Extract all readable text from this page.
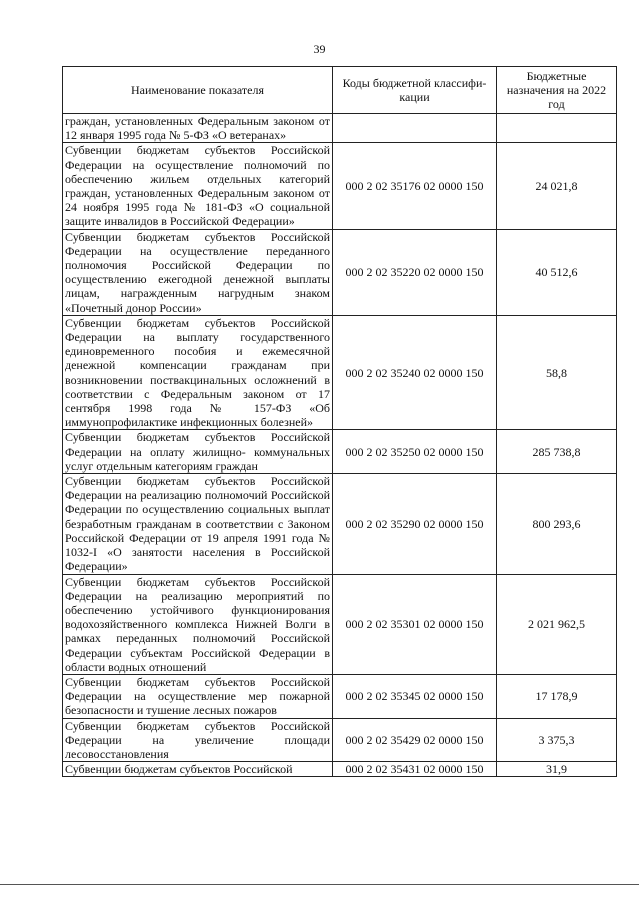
39
Наименование показателя	Коды бюджетной классифи-кации	Бюджетные назначения на 2022 год
граждан, установленных Федеральным законом от 12 января 1995 года № 5-ФЗ «О ветеранах»		
Субвенции бюджетам субъектов Российской Федерации на осуществление полномочий по обеспечению жильем отдельных категорий граждан, установленных Федеральным законом от 24 ноября 1995 года № 181-ФЗ «О социальной защите инвалидов в Российской Федерации»	000 2 02 35176 02 0000 150	24 021,8
Субвенции бюджетам субъектов Российской Федерации на осуществление переданного полномочия Российской Федерации по осуществлению ежегодной денежной выплаты лицам, награжденным нагрудным знаком «Почетный донор России»	000 2 02 35220 02 0000 150	40 512,6
Субвенции бюджетам субъектов Российской Федерации на выплату государственного единовременного пособия и ежемесячной денежной компенсации гражданам при возникновении поствакцинальных осложнений в соответствии с Федеральным законом от 17 сентября 1998 года № 157-ФЗ «Об иммунопрофилактике инфекционных болезней»	000 2 02 35240 02 0000 150	58,8
Субвенции бюджетам субъектов Российской Федерации на оплату жилищно- коммунальных услуг отдельным категориям граждан	000 2 02 35250 02 0000 150	285 738,8
Субвенции бюджетам субъектов Российской Федерации на реализацию полномочий Российской Федерации по осуществлению социальных выплат безработным гражданам в соответствии с Законом Российской Федерации от 19 апреля 1991 года № 1032-I «О занятости населения в Российской Федерации»	000 2 02 35290 02 0000 150	800 293,6
Субвенции бюджетам субъектов Российской Федерации на реализацию мероприятий по обеспечению устойчивого функционирования водохозяйственного комплекса Нижней Волги в рамках переданных полномочий Российской Федерации субъектам Российской Федерации в области водных отношений	000 2 02 35301 02 0000 150	2 021 962,5
Субвенции бюджетам субъектов Российской Федерации на осуществление мер пожарной безопасности и тушение лесных пожаров	000 2 02 35345 02 0000 150	17 178,9
Субвенции бюджетам субъектов Российской Федерации на увеличение площади лесовосстановления	000 2 02 35429 02 0000 150	3 375,3
Субвенции бюджетам субъектов Российской	000 2 02 35431 02 0000 150	31,9
